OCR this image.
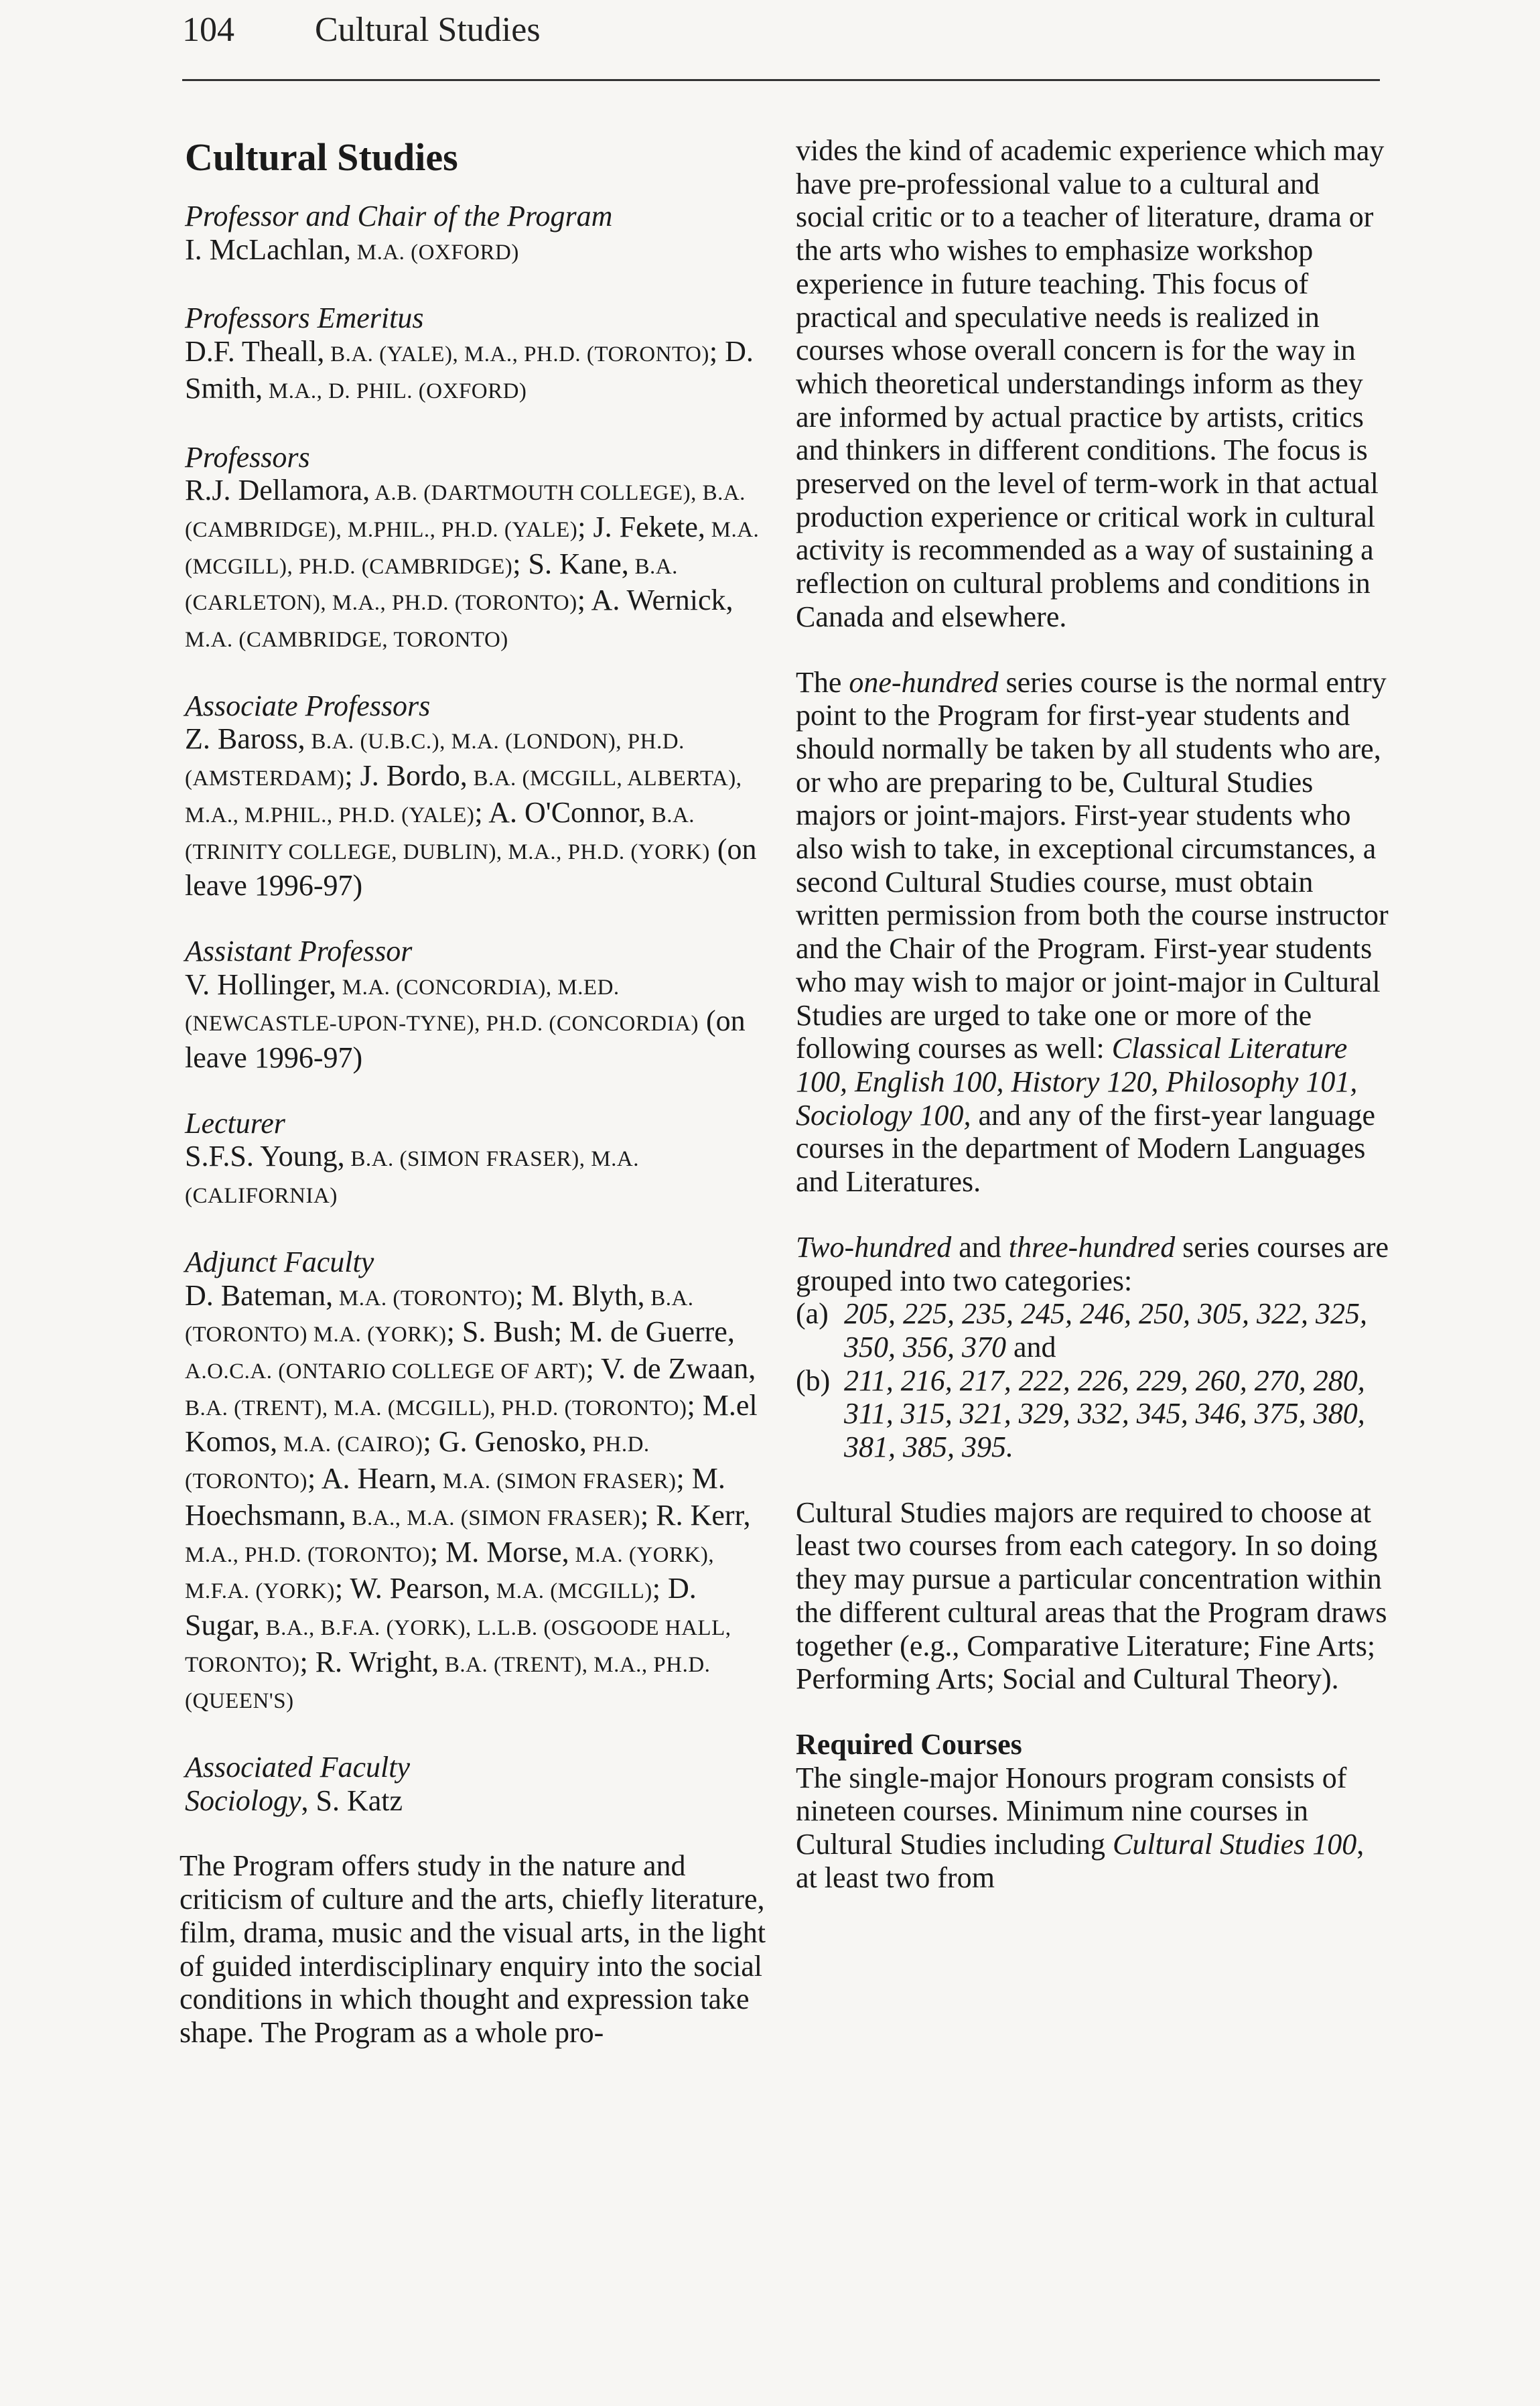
104 Cultural Studies
Cultural Studies
Professor and Chair of the Program
I. McLachlan, M.A. (OXFORD)
Professors Emeritus
D.F. Theall, B.A. (YALE), M.A., PH.D. (TORONTO); D. Smith, M.A., D. PHIL. (OXFORD)
Professors
R.J. Dellamora, A.B. (DARTMOUTH COLLEGE), B.A. (CAMBRIDGE), M.PHIL., PH.D. (YALE); J. Fekete, M.A. (MCGILL), PH.D. (CAMBRIDGE); S. Kane, B.A. (CARLETON), M.A., PH.D. (TORONTO); A. Wernick, M.A. (CAMBRIDGE, TORONTO)
Associate Professors
Z. Baross, B.A. (U.B.C.), M.A. (LONDON), PH.D. (AMSTERDAM); J. Bordo, B.A. (MCGILL, ALBERTA), M.A., M.PHIL., PH.D. (YALE); A. O'Connor, B.A. (TRINITY COLLEGE, DUBLIN), M.A., PH.D. (YORK) (on leave 1996-97)
Assistant Professor
V. Hollinger, M.A. (CONCORDIA), M.ED. (NEWCASTLE-UPON-TYNE), PH.D. (CONCORDIA) (on leave 1996-97)
Lecturer
S.F.S. Young, B.A. (SIMON FRASER), M.A. (CALIFORNIA)
Adjunct Faculty
D. Bateman, M.A. (TORONTO); M. Blyth, B.A. (TORONTO) M.A. (YORK); S. Bush; M. de Guerre, A.O.C.A. (ONTARIO COLLEGE OF ART); V. de Zwaan, B.A. (TRENT), M.A. (MCGILL), PH.D. (TORONTO); M.el Komos, M.A. (CAIRO); G. Genosko, PH.D. (TORONTO); A. Hearn, M.A. (SIMON FRASER); M. Hoechsmann, B.A., M.A. (SIMON FRASER); R. Kerr, M.A., PH.D. (TORONTO); M. Morse, M.A. (YORK), M.F.A. (YORK); W. Pearson, M.A. (MCGILL); D. Sugar, B.A., B.F.A. (YORK), L.L.B. (OSGOODE HALL, TORONTO); R. Wright, B.A. (TRENT), M.A., PH.D. (QUEEN'S)
Associated Faculty
Sociology, S. Katz
The Program offers study in the nature and criticism of culture and the arts, chiefly literature, film, drama, music and the visual arts, in the light of guided interdisciplinary enquiry into the social conditions in which thought and expression take shape. The Program as a whole pro-
vides the kind of academic experience which may have pre-professional value to a cultural and social critic or to a teacher of literature, drama or the arts who wishes to emphasize workshop experience in future teaching. This focus of practical and speculative needs is realized in courses whose overall concern is for the way in which theoretical understandings inform as they are informed by actual practice by artists, critics and thinkers in different conditions. The focus is preserved on the level of term-work in that actual production experience or critical work in cultural activity is recommended as a way of sustaining a reflection on cultural problems and conditions in Canada and elsewhere.
The one-hundred series course is the normal entry point to the Program for first-year students and should normally be taken by all students who are, or who are preparing to be, Cultural Studies majors or joint-majors. First-year students who also wish to take, in exceptional circumstances, a second Cultural Studies course, must obtain written permission from both the course instructor and the Chair of the Program. First-year students who may wish to major or joint-major in Cultural Studies are urged to take one or more of the following courses as well: Classical Literature 100, English 100, History 120, Philosophy 101, Sociology 100, and any of the first-year language courses in the department of Modern Languages and Literatures.
Two-hundred and three-hundred series courses are grouped into two categories:
(a) 205, 225, 235, 245, 246, 250, 305, 322, 325, 350, 356, 370 and
(b) 211, 216, 217, 222, 226, 229, 260, 270, 280, 311, 315, 321, 329, 332, 345, 346, 375, 380, 381, 385, 395.
Cultural Studies majors are required to choose at least two courses from each category. In so doing they may pursue a particular concentration within the different cultural areas that the Program draws together (e.g., Comparative Literature; Fine Arts; Performing Arts; Social and Cultural Theory).
Required Courses
The single-major Honours program consists of nineteen courses. Minimum nine courses in Cultural Studies including Cultural Studies 100, at least two from
